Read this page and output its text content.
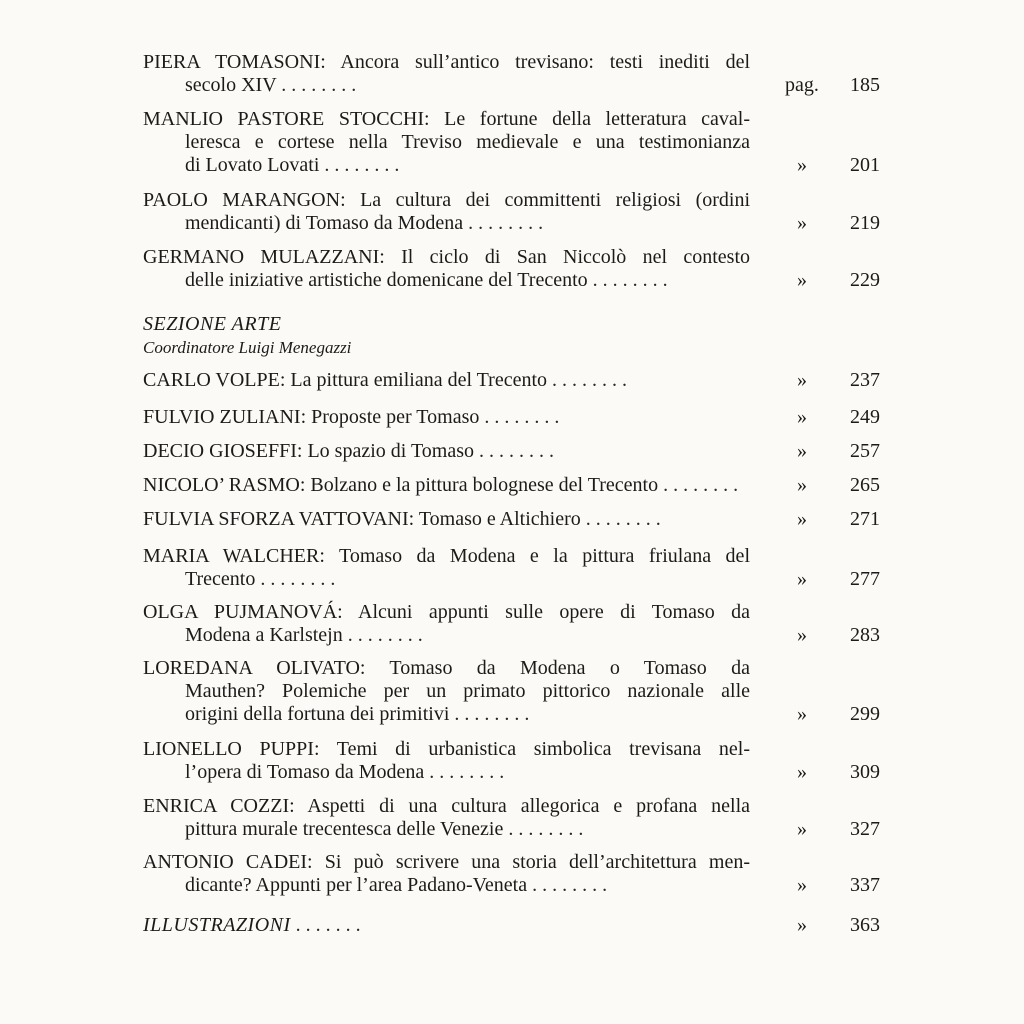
PIERA TOMASONI: Ancora sull’antico trevisano: testi inediti del
secolo XIV . . . . . . . .	pag. 185
MANLIO PASTORE STOCCHI: Le fortune della letteratura caval-
leresca e cortese nella Treviso medievale e una testimonianza
di Lovato Lovati . . . . . . . .	»	201
PAOLO MARANGON: La cultura dei committenti religiosi (ordini
mendicanti) di Tomaso da Modena . . . . . . . .	»	219
GERMANO MULAZZANI: Il ciclo di San Niccolò nel contesto
delle iniziative artistiche domenicane del Trecento . . . . . . . .	»	229
SEZIONE ARTE
Coordinatore Luigi Menegazzi
CARLO VOLPE: La pittura emiliana del Trecento . . . . . . . .	»	237
FULVIO ZULIANI: Proposte per Tomaso . . . . . . . .	»	249
DECIO GIOSEFFI: Lo spazio di Tomaso . . . . . . . .	»	257
NICOLO’ RASMO: Bolzano e la pittura bolognese del Trecento . . . . . . . .	»	265
FULVIA SFORZA VATTOVANI: Tomaso e Altichiero . . . . . . . .	»	271
MARIA WALCHER: Tomaso da Modena e la pittura friulana del
Trecento . . . . . . . .	»	277
OLGA PUJMANOVÁ: Alcuni appunti sulle opere di Tomaso da
Modena a Karlstejn . . . . . . . .	»	283
LOREDANA OLIVATO: Tomaso da Modena o Tomaso da
Mauthen? Polemiche per un primato pittorico nazionale alle
origini della fortuna dei primitivi . . . . . . . .	»	299
LIONELLO PUPPI: Temi di urbanistica simbolica trevisana nel-
l’opera di Tomaso da Modena . . . . . . . .	»	309
ENRICA COZZI: Aspetti di una cultura allegorica e profana nella
pittura murale trecentesca delle Venezie . . . . . . . .	»	327
ANTONIO CADEI: Si può scrivere una storia dell’architettura men-
dicante? Appunti per l’area Padano-Veneta . . . . . . . .	»	337
ILLUSTRAZIONI . . . . . . .	»	363
